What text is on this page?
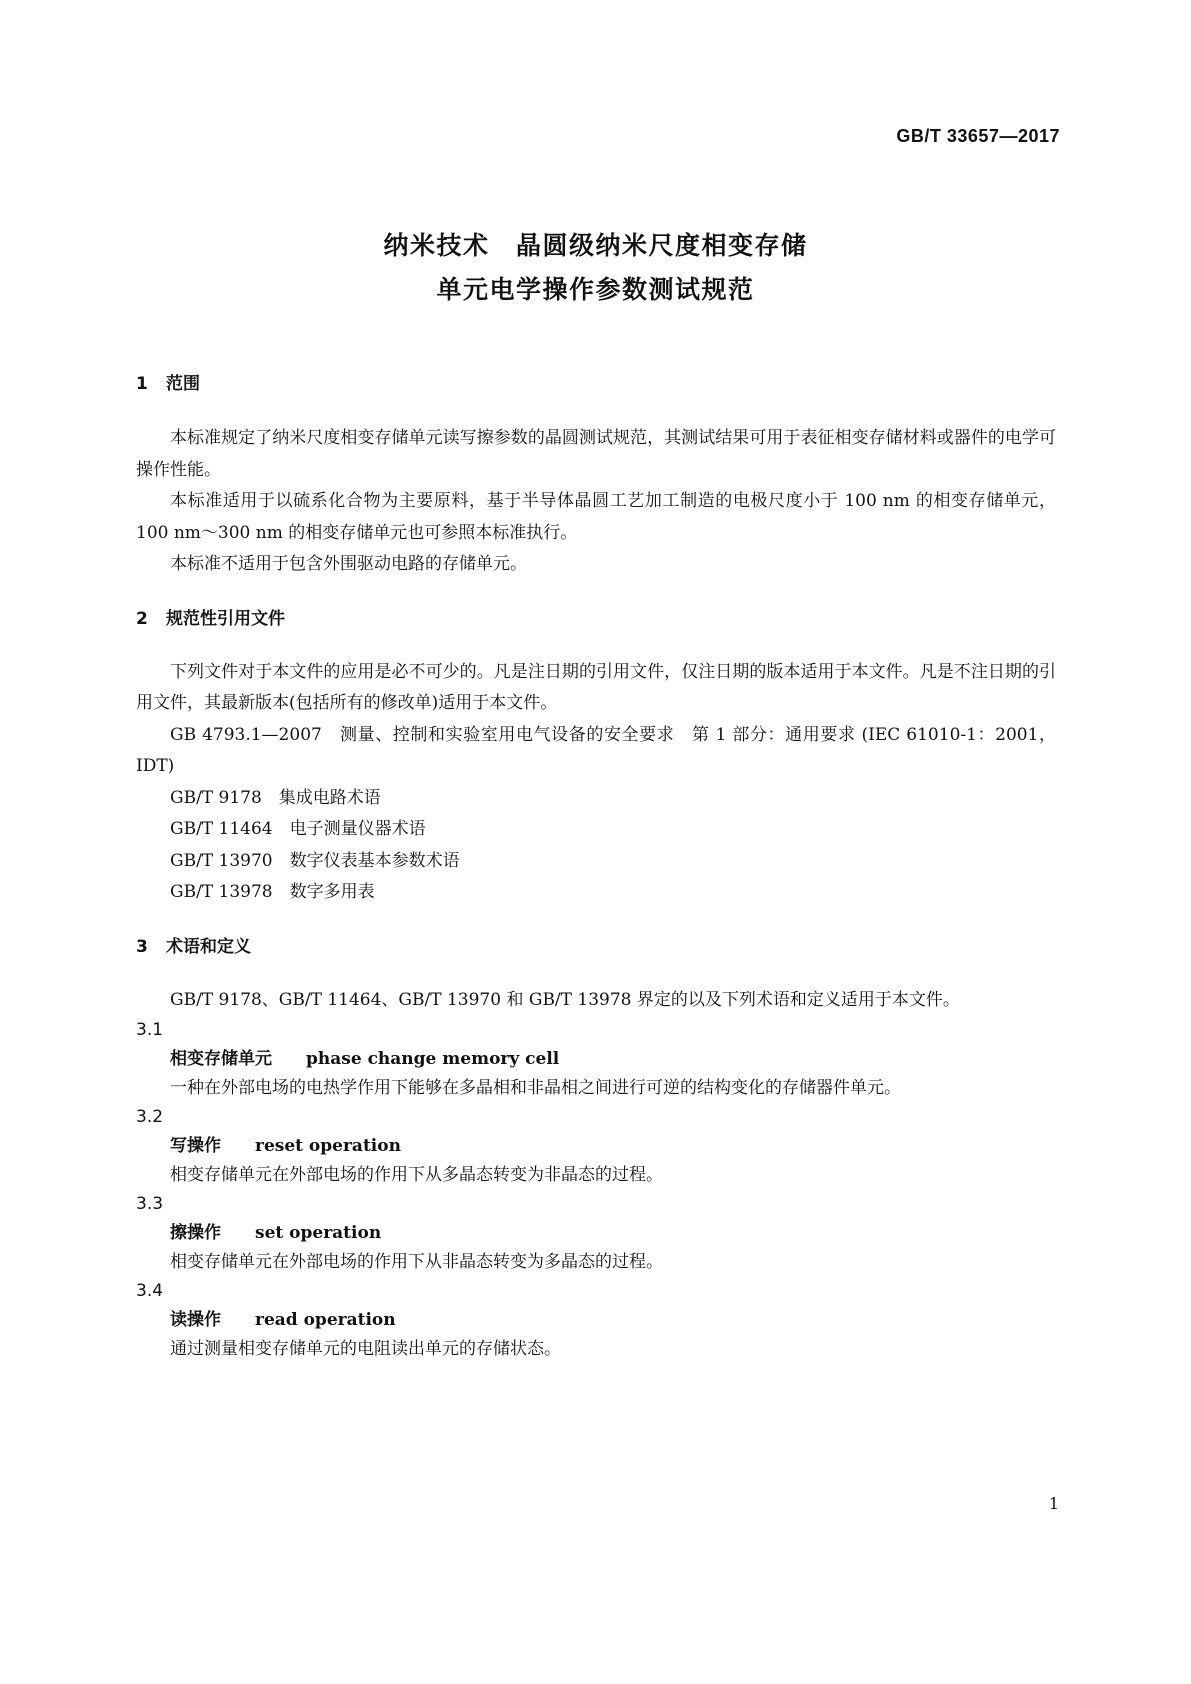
GB/T 33657—2017
纳米技术　晶圆级纳米尺度相变存储
单元电学操作参数测试规范
1 范围

本标准规定了纳米尺度相变存储单元读写擦参数的晶圆测试规范，其测试结果可用于表征相变存储材料或器件的电学可操作性能。

本标准适用于以硫系化合物为主要原料，基于半导体晶圆工艺加工制造的电极尺度小于 100 nm 的相变存储单元，100 nm～300 nm 的相变存储单元也可参照本标准执行。

本标准不适用于包含外围驱动电路的存储单元。

2 规范性引用文件

下列文件对于本文件的应用是必不可少的。凡是注日期的引用文件，仅注日期的版本适用于本文件。凡是不注日期的引用文件，其最新版本(包括所有的修改单)适用于本文件。

GB 4793.1—2007　测量、控制和实验室用电气设备的安全要求　第 1 部分：通用要求 (IEC 61010-1：2001，IDT)

GB/T 9178　集成电路术语

GB/T 11464　电子测量仪器术语

GB/T 13970　数字仪表基本参数术语

GB/T 13978　数字多用表

3 术语和定义

GB/T 9178、GB/T 11464、GB/T 13970 和 GB/T 13978 界定的以及下列术语和定义适用于本文件。

3.1

相变存储单元　　 phase change memory cell

一种在外部电场的电热学作用下能够在多晶相和非晶相之间进行可逆的结构变化的存储器件单元。

3.2

写操作　　 reset operation

相变存储单元在外部电场的作用下从多晶态转变为非晶态的过程。

3.3

擦操作　　 set operation

相变存储单元在外部电场的作用下从非晶态转变为多晶态的过程。

3.4

读操作　　 read operation

通过测量相变存储单元的电阻读出单元的存储状态。

1
